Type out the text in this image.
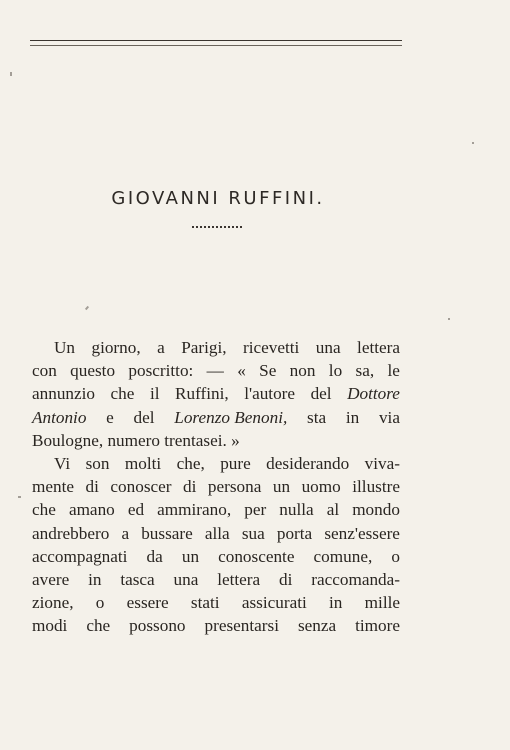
GIOVANNI RUFFINI.
Un giorno, a Parigi, ricevetti una lettera
con questo poscritto: — « Se non lo sa, le
annunzio che il Ruffini, l'autore del Dottore
Antonio e del Lorenzo Benoni, sta in via
Boulogne,
numero
trentasei.
»
Vi son molti che, pure desiderando viva-
mente di conoscer di persona un uomo illustre
che amano ed ammirano, per nulla al mondo
andrebbero a bussare alla sua porta senz'essere
accompagnati da un conoscente comune, o
avere in tasca una lettera di raccomanda-
zione, o essere stati assicurati in mille
modi che possono presentarsi senza timore
